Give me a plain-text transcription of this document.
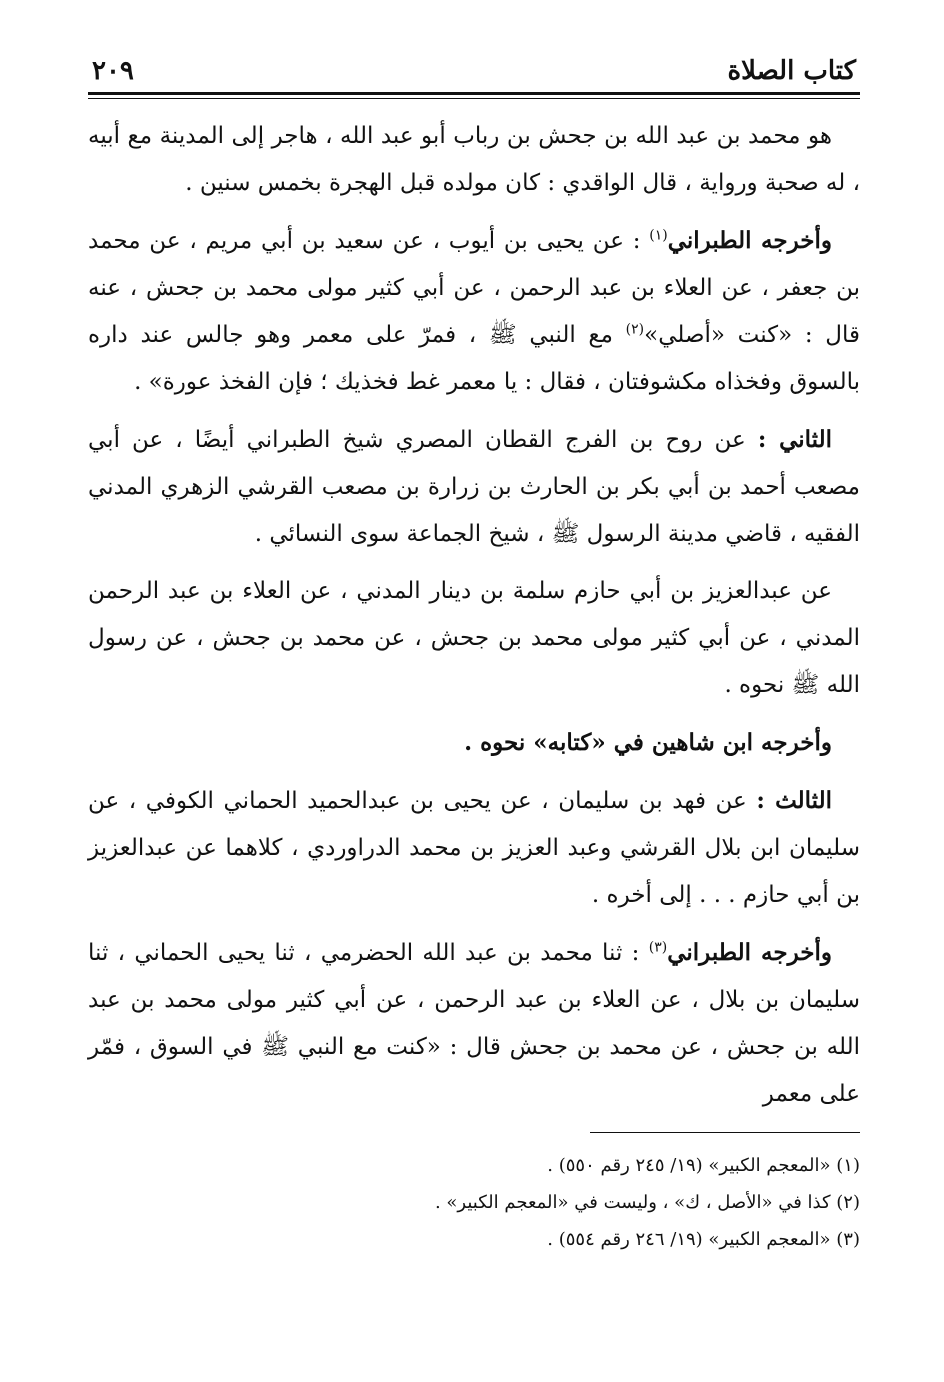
كتاب الصلاة
٢٠٩

هو محمد بن عبد الله بن جحش بن رباب أبو عبد الله ، هاجر إلى المدينة مع أبيه ، له صحبة ورواية ، قال الواقدي : كان مولده قبل الهجرة بخمس سنين .

وأخرجه الطبراني$^{(١)}$ : عن يحيى بن أيوب ، عن سعيد بن أبي مريم ، عن محمد بن جعفر ، عن العلاء بن عبد الرحمن ، عن أبي كثير مولى محمد بن جحش ، عنه قال : «كنت «أصلي»$^{(٢)}$ مع النبي ﷺ ، فمرّ على معمر وهو جالس عند داره بالسوق وفخذاه مكشوفتان ، فقال : يا معمر غط فخذيك ؛ فإن الفخذ عورة» .

الثاني : عن روح بن الفرج القطان المصري شيخ الطبراني أيضًا ، عن أبي مصعب أحمد بن أبي بكر بن الحارث بن زرارة بن مصعب القرشي الزهري المدني الفقيه ، قاضي مدينة الرسول ﷺ ، شيخ الجماعة سوى النسائي .

عن عبدالعزيز بن أبي حازم سلمة بن دينار المدني ، عن العلاء بن عبد الرحمن المدني ، عن أبي كثير مولى محمد بن جحش ، عن محمد بن جحش ، عن رسول الله ﷺ نحوه .

وأخرجه ابن شاهين في «كتابه» نحوه .

الثالث : عن فهد بن سليمان ، عن يحيى بن عبدالحميد الحماني الكوفي ، عن سليمان ابن بلال القرشي وعبد العزيز بن محمد الدراوردي ، كلاهما عن عبدالعزيز بن أبي حازم . . . إلى أخره .

وأخرجه الطبراني$^{(٣)}$ : ثنا محمد بن عبد الله الحضرمي ، ثنا يحيى الحماني ، ثنا سليمان بن بلال ، عن العلاء بن عبد الرحمن ، عن أبي كثير مولى محمد بن عبد الله بن جحش ، عن محمد بن جحش قال : «كنت مع النبي ﷺ في السوق ، فمّر على معمر

(١) «المعجم الكبير» (١٩/ ٢٤٥ رقم ٥٥٠) .

(٢) كذا في «الأصل ، ك» ، وليست في «المعجم الكبير» .

(٣) «المعجم الكبير» (١٩/ ٢٤٦ رقم ٥٥٤) .
